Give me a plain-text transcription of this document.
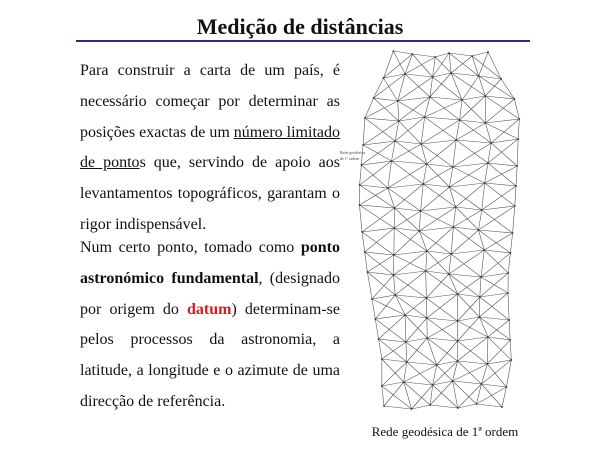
Medição de distâncias

Para construir a carta de um país, é necessário começar por determinar as posições exactas de um número limitado de pontos que, servindo de apoio aos levantamentos topográficos, garantam o rigor indispensável.

Num certo ponto, tomado como ponto astronómico fundamental, (designado por origem do datum) determinam-se pelos processos da astronomia, a latitude, a longitude e o azimute de uma direcção de referência.

Rede geodésica
de 1ª ordem
Rede geodésica de 1ª ordem
